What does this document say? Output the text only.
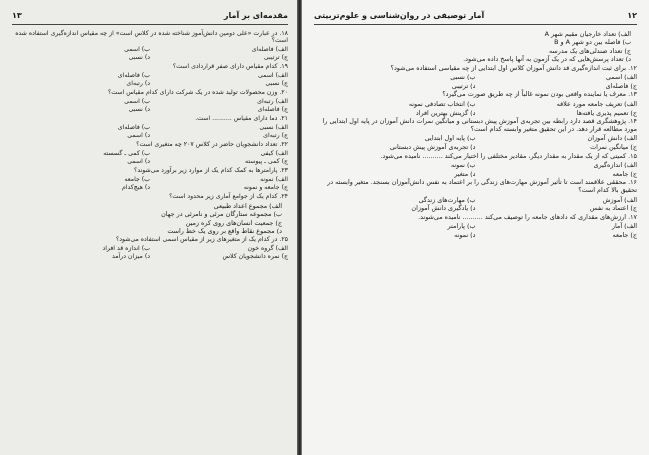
مقدمه‌ای بر آمار
۱۳
۱۸. در عبارت «علی دومین دانش‌آموز شناخته شده در کلاس است» از چه مقیاس اندازه‌گیری استفاده شده است؟
الف) فاصله‌ای
ب) اسمی
ج) ترتیبی
د) نسبی
۱۹. کدام مقیاس دارای صفر قراردادی است؟
الف) اسمی
ب) فاصله‌ای
ج) نسبی
د) رتبه‌ای
۲۰. وزن محصولات تولید شده در یک شرکت دارای کدام مقیاس است؟
الف) رتبه‌ای
ب) اسمی
ج) فاصله‌ای
د) نسبی
۲۱. دما دارای مقیاس .......... است.
الف) نسبی
ب) فاصله‌ای
ج) رتبه‌ای
د) اسمی
۲۲. تعداد دانشجویان حاضر در کلاس ۲۰۷ چه متغیری است؟
الف) کیفی
ب) کمی ـ گسسته
ج) کمی ـ پیوسته
د) اسمی
۲۳. پارامترها به کمک کدام یک از موارد زیر برآورد می‌شوند؟
الف) نمونه
ب) جامعه
ج) جامعه و نمونه
د) هیچ‌کدام
۲۴. کدام یک از جوامع آماری زیر محدود است؟
الف) مجموع اعداد طبیعی
ب) مجموعه ستارگان مرئی و نامرئی در جهان
ج) جمعیت انسان‌های روی کره زمین
د) مجموع نقاط واقع بر روی یک خط راست
۲۵. در کدام یک از متغیرهای زیر از مقیاس اسمی استفاده می‌شود؟
الف) گروه خون
ب) اندازه قد افراد
ج) نمره دانشجویان کلاس
د) میزان درآمد
۱۲
آمار توصیفی در روان‌شناسی و علوم‌تربیتی
الف) تعداد خارجیان مقیم شهر A
ب) فاصله بین دو شهر A و B
ج) تعداد صندلی‌های یک مدرسه
د) تعداد پرسش‌هایی که در یک آزمون به آنها پاسخ داده می‌شود.
۱۲. برای ثبت اندازه‌گیری قد دانش آموزان کلاس اول ابتدایی از چه مقیاسی استفاده می‌شود؟
الف) اسمی
ب) نسبی
ج) فاصله‌ای
د) ترتیبی
۱۳. معرف یا نماینده واقعی بودن نمونه غالباً از چه طریق صورت می‌گیرد؟
الف) تعریف جامعه مورد علاقه
ب) انتخاب تصادفی نمونه
ج) تعمیم پذیری یافته‌ها
د) گزینش بهترین افراد
۱۴. پژوهشگری قصد دارد رابطه بین تجربه‌ی آموزش پیش دبستانی و میانگین نمرات دانش آموزان در پایه اول ابتدایی را مورد مطالعه قرار دهد. در این تحقیق متغیر وابسته کدام است؟
الف) دانش آموزان
ب) پایه اول ابتدایی
ج) میانگین نمرات
د) تجربه‌ی آموزش پیش دبستانی
۱۵. کمیتی که از یک مقدار به مقدار دیگر، مقادیر مختلفی را اختیار می‌کند .......... نامیده می‌شود.
الف) اندازه‌گیری
ب) نمونه
ج) جامعه
د) متغیر
۱۶. محققی علاقمند است تا تأثیر آموزش مهارت‌های زندگی را بر اعتماد به نفس دانش‌آموزان بسنجد. متغیر وابسته در تحقیق بالا کدام است؟
الف) آموزش
ب) مهارت‌های زندگی
ج) اعتماد به نفس
د) یادگیری دانش آموزان
۱۷. ارزش‌های مقداری که دادهای جامعه را توصیف می‌کند .......... نامیده می‌شوند.
الف) آمار
ب) پارامتر
ج) جامعه
د) نمونه
